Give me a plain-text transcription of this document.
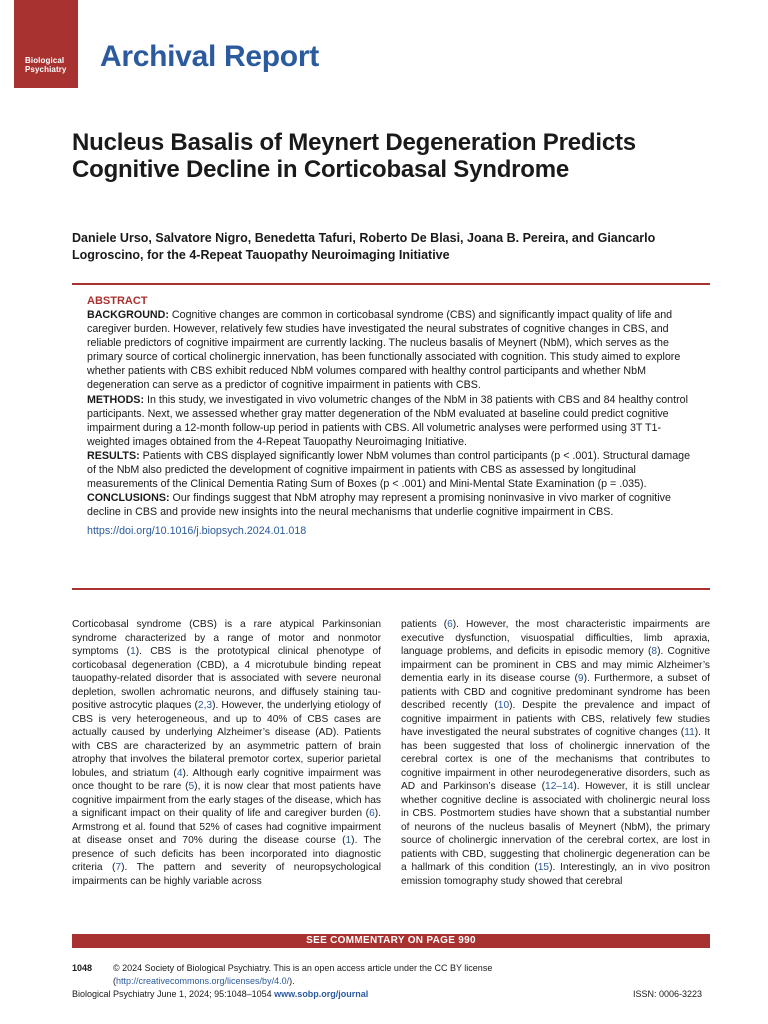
Biological
Psychiatry	Archival Report
Nucleus Basalis of Meynert Degeneration Predicts Cognitive Decline in Corticobasal Syndrome

Daniele Urso, Salvatore Nigro, Benedetta Tafuri, Roberto De Blasi, Joana B. Pereira, and Giancarlo Logroscino, for the 4-Repeat Tauopathy Neuroimaging Initiative

ABSTRACT

BACKGROUND: Cognitive changes are common in corticobasal syndrome (CBS) and significantly impact quality of life and caregiver burden. However, relatively few studies have investigated the neural substrates of cognitive changes in CBS, and reliable predictors of cognitive impairment are currently lacking. The nucleus basalis of Meynert (NbM), which serves as the primary source of cortical cholinergic innervation, has been functionally associated with cognition. This study aimed to explore whether patients with CBS exhibit reduced NbM volumes compared with healthy control participants and whether NbM degeneration can serve as a predictor of cognitive impairment in patients with CBS.

METHODS: In this study, we investigated in vivo volumetric changes of the NbM in 38 patients with CBS and 84 healthy control participants. Next, we assessed whether gray matter degeneration of the NbM evaluated at baseline could predict cognitive impairment during a 12-month follow-up period in patients with CBS. All volumetric analyses were performed using 3T T1-weighted images obtained from the 4-Repeat Tauopathy Neuroimaging Initiative.

RESULTS: Patients with CBS displayed significantly lower NbM volumes than control participants (p < .001). Structural damage of the NbM also predicted the development of cognitive impairment in patients with CBS as assessed by longitudinal measurements of the Clinical Dementia Rating Sum of Boxes (p < .001) and Mini-Mental State Examination (p = .035).

CONCLUSIONS: Our findings suggest that NbM atrophy may represent a promising noninvasive in vivo marker of cognitive decline in CBS and provide new insights into the neural mechanisms that underlie cognitive impairment in CBS.

https://doi.org/10.1016/j.biopsych.2024.01.018

Corticobasal syndrome (CBS) is a rare atypical Parkinsonian syndrome characterized by a range of motor and nonmotor symptoms (1). CBS is the prototypical clinical phenotype of corticobasal degeneration (CBD), a 4 microtubule binding repeat tauopathy-related disorder that is associated with severe neuronal depletion, swollen achromatic neurons, and diffusely staining tau-positive astrocytic plaques (2,3). However, the underlying etiology of CBS is very heterogeneous, and up to 40% of CBS cases are actually caused by underlying Alzheimer’s disease (AD). Patients with CBS are characterized by an asymmetric pattern of brain atrophy that involves the bilateral premotor cortex, superior parietal lobules, and striatum (4). Although early cognitive impairment was once thought to be rare (5), it is now clear that most patients have cognitive impairment from the early stages of the disease, which has a significant impact on their quality of life and caregiver burden (6). Armstrong et al. found that 52% of cases had cognitive impairment at disease onset and 70% during the disease course (1). The presence of such deficits has been incorporated into diagnostic criteria (7). The pattern and severity of neuropsychological impairments can be highly variable across

patients (6). However, the most characteristic impairments are executive dysfunction, visuospatial difficulties, limb apraxia, language problems, and deficits in episodic memory (8). Cognitive impairment can be prominent in CBS and may mimic Alzheimer’s dementia early in its disease course (9). Furthermore, a subset of patients with CBD and cognitive predominant syndrome has been described recently (10). Despite the prevalence and impact of cognitive impairment in patients with CBS, relatively few studies have investigated the neural substrates of cognitive changes (11). It has been suggested that loss of cholinergic innervation of the cerebral cortex is one of the mechanisms that contributes to cognitive impairment in other neurodegenerative disorders, such as AD and Parkinson’s disease (12–14). However, it is still unclear whether cognitive decline is associated with cholinergic neural loss in CBS. Postmortem studies have shown that a substantial number of neurons of the nucleus basalis of Meynert (NbM), the primary source of cholinergic innervation of the cerebral cortex, are lost in patients with CBD, suggesting that cholinergic degeneration can be a hallmark of this condition (15). Interestingly, an in vivo positron emission tomography study showed that cerebral

SEE COMMENTARY ON PAGE 990
1048 © 2024 Society of Biological Psychiatry. This is an open access article under the CC BY license (http://creativecommons.org/licenses/by/4.0/).
Biological Psychiatry June 1, 2024; 95:1048–1054 www.sobp.org/journal	ISSN: 0006-3223
